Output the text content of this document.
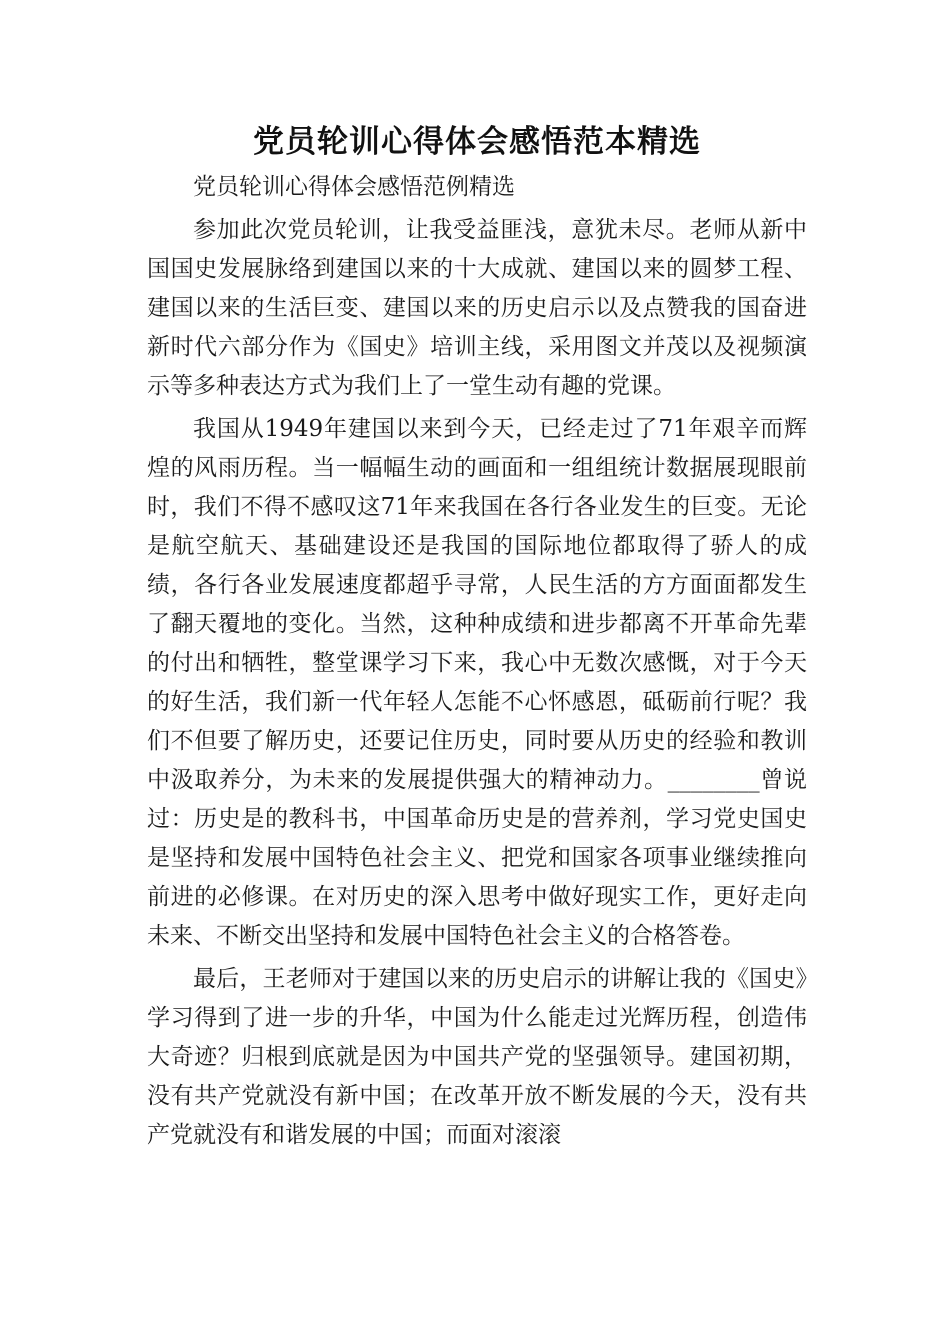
党员轮训心得体会感悟范本精选

党员轮训心得体会感悟范例精选

参加此次党员轮训，让我受益匪浅，意犹未尽。老师从新中国国史发展脉络到建国以来的十大成就、建国以来的圆梦工程、建国以来的生活巨变、建国以来的历史启示以及点赞我的国奋进新时代六部分作为《国史》培训主线，采用图文并茂以及视频演示等多种表达方式为我们上了一堂生动有趣的党课。

我国从1949年建国以来到今天，已经走过了71年艰辛而辉煌的风雨历程。当一幅幅生动的画面和一组组统计数据展现眼前时，我们不得不感叹这71年来我国在各行各业发生的巨变。无论是航空航天、基础建设还是我国的国际地位都取得了骄人的成绩，各行各业发展速度都超乎寻常，人民生活的方方面面都发生了翻天覆地的变化。当然，这种种成绩和进步都离不开革命先辈的付出和牺牲，整堂课学习下来，我心中无数次感慨，对于今天的好生活，我们新一代年轻人怎能不心怀感恩，砥砺前行呢？我们不但要了解历史，还要记住历史，同时要从历史的经验和教训中汲取养分，为未来的发展提供强大的精神动力。________曾说过：历史是的教科书，中国革命历史是的营养剂，学习党史国史是坚持和发展中国特色社会主义、把党和国家各项事业继续推向前进的必修课。在对历史的深入思考中做好现实工作，更好走向未来、不断交出坚持和发展中国特色社会主义的合格答卷。

最后，王老师对于建国以来的历史启示的讲解让我的《国史》学习得到了进一步的升华，中国为什么能走过光辉历程，创造伟大奇迹？归根到底就是因为中国共产党的坚强领导。建国初期，没有共产党就没有新中国；在改革开放不断发展的今天，没有共产党就没有和谐发展的中国；而面对滚滚
